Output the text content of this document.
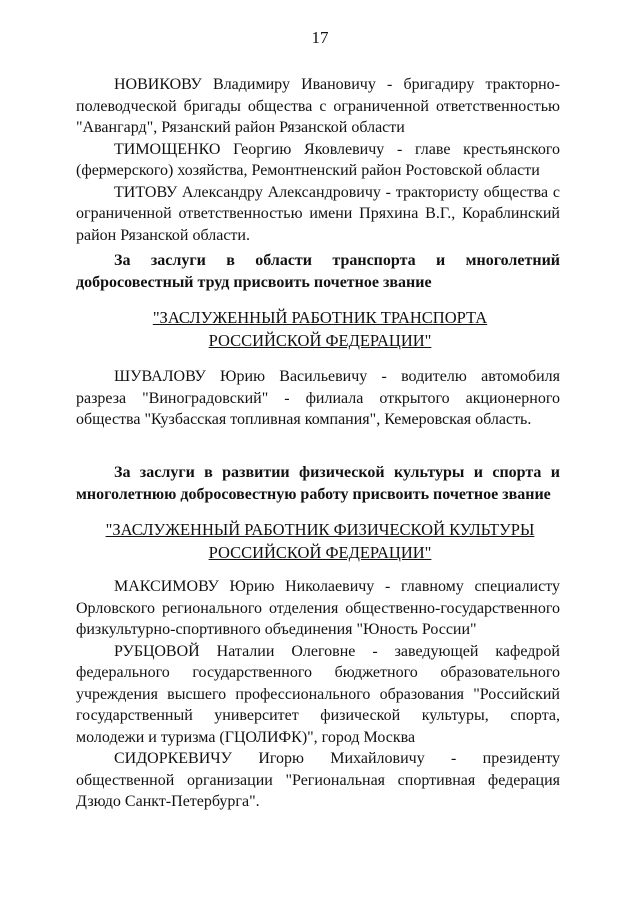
17

НОВИКОВУ Владимиру Ивановичу - бригадиру тракторно-полеводческой бригады общества с ограниченной ответственностью "Авангард", Рязанский район Рязанской области

ТИМОЩЕНКО Георгию Яковлевичу - главе крестьянского (фермерского) хозяйства, Ремонтненский район Ростовской области

ТИТОВУ Александру Александровичу - трактористу общества с ограниченной ответственностью имени Пряхина В.Г., Кораблинский район Рязанской области.

За заслуги в области транспорта и многолетний добросовестный труд присвоить почетное звание

"ЗАСЛУЖЕННЫЙ РАБОТНИК ТРАНСПОРТА
РОССИЙСКОЙ ФЕДЕРАЦИИ"

ШУВАЛОВУ Юрию Васильевичу - водителю автомобиля разреза "Виноградовский" - филиала открытого акционерного общества "Кузбасская топливная компания", Кемеровская область.

За заслуги в развитии физической культуры и спорта и многолетнюю добросовестную работу присвоить почетное звание

"ЗАСЛУЖЕННЫЙ РАБОТНИК ФИЗИЧЕСКОЙ КУЛЬТУРЫ
РОССИЙСКОЙ ФЕДЕРАЦИИ"

МАКСИМОВУ Юрию Николаевичу - главному специалисту Орловского регионального отделения общественно-государственного физкультурно-спортивного объединения "Юность России"

РУБЦОВОЙ Наталии Олеговне - заведующей кафедрой федерального государственного бюджетного образовательного учреждения высшего профессионального образования "Российский государственный университет физической культуры, спорта, молодежи и туризма (ГЦОЛИФК)", город Москва

СИДОРКЕВИЧУ Игорю Михайловичу - президенту общественной организации "Региональная спортивная федерация Дзюдо Санкт-Петербурга".
